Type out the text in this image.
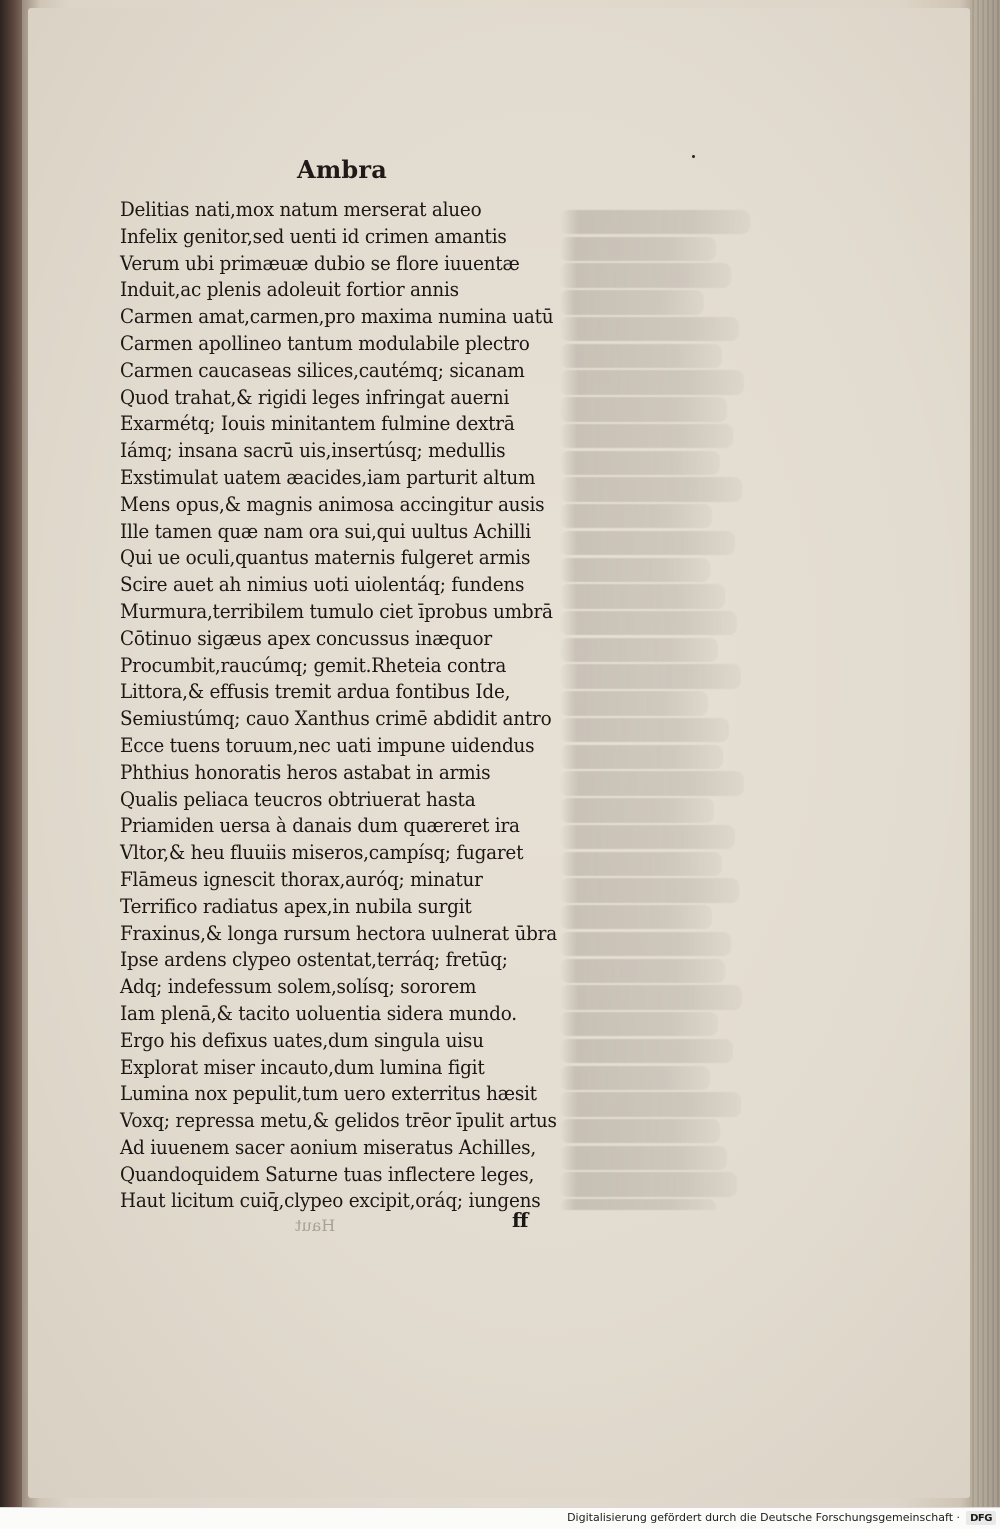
Ambra
Delitias nati,mox natum merserat alueo
Infelix genitor,sed uenti id crimen amantis
Verum ubi primæuæ dubio se flore iuuentæ
Induit,ac plenis adoleuit fortior annis
Carmen amat,carmen,pro maxima numina uatū
Carmen apollineo tantum modulabile plectro
Carmen caucaseas silices,cautémq; sicanam
Quod trahat,& rigidi leges infringat auerni
Exarmétq; Iouis minitantem fulmine dextrā
Iámq; insana sacrū uis,insertúsq; medullis
Exstimulat uatem æacides,iam parturit altum
Mens opus,& magnis animosa accingitur ausis
Ille tamen quæ nam ora sui,qui uultus Achilli
Qui ue oculi,quantus maternis fulgeret armis
Scire auet ah nimius uoti uiolentáq; fundens
Murmura,terribilem tumulo ciet īprobus umbrā
Cōtinuo sigæus apex concussus inæquor
Procumbit,raucúmq; gemit.Rheteia contra
Littora,& effusis tremit ardua fontibus Ide,
Semiustúmq; cauo Xanthus crimē abdidit antro
Ecce tuens toruum,nec uati impune uidendus
Phthius honoratis heros astabat in armis
Qualis peliaca teucros obtriuerat hasta
Priamiden uersa à danais dum quæreret ira
Vltor,& heu fluuiis miseros,campísq; fugaret
Flāmeus ignescit thorax,auróq; minatur
Terrifico radiatus apex,in nubila surgit
Fraxinus,& longa rursum hectora uulnerat ūbra
Ipse ardens clypeo ostentat,terráq; fretūq;
Adq; indefessum solem,solísq; sororem
Iam plenā,& tacito uoluentia sidera mundo.
Ergo his defixus uates,dum singula uisu
Explorat miser incauto,dum lumina figit
Lumina nox pepulit,tum uero exterritus hæsit
Voxq; repressa metu,& gelidos trēor īpulit artus
Ad iuuenem sacer aonium miseratus Achilles,
Quandoquidem Saturne tuas inflectere leges,
Haut licitum cuiq̄,clypeo excipit,oráq; iungens
Haut	ff
Digitalisierung gefördert durch die Deutsche Forschungsgemeinschaft ·	DFG
